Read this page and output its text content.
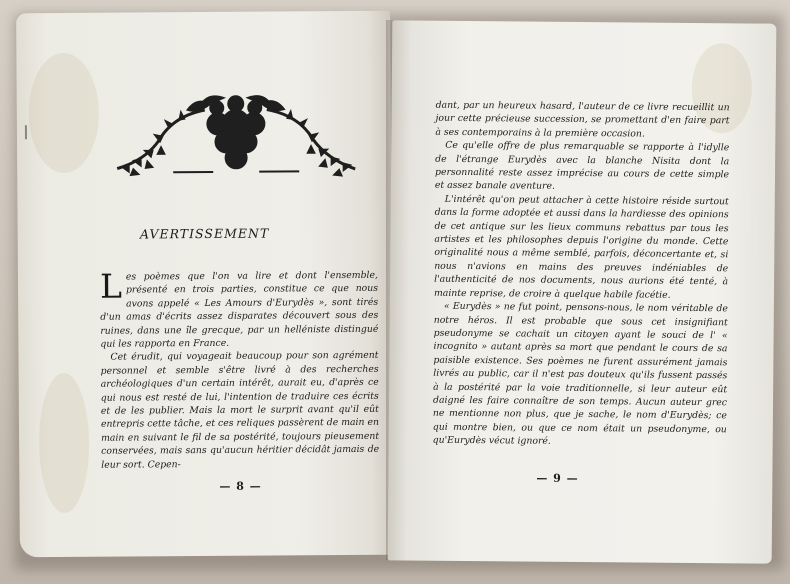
AVERTISSEMENT

Les poèmes que l'on va lire et dont l'ensemble, présenté en trois parties, constitue ce que nous avons appelé « Les Amours d'Eurydès », sont tirés d'un amas d'écrits assez disparates découvert sous des ruines, dans une île grecque, par un helléniste distingué qui les rapporta en France.

Cet érudit, qui voyageait beaucoup pour son agrément personnel et semble s'être livré à des recherches archéologiques d'un certain intérêt, aurait eu, d'après ce qui nous est resté de lui, l'intention de traduire ces écrits et de les publier. Mais la mort le surprit avant qu'il eût entrepris cette tâche, et ces reliques passèrent de main en main en suivant le fil de sa postérité, toujours pieusement conservées, mais sans qu'aucun héritier décidât jamais de leur sort. Cepen-

— 8 —

dant, par un heureux hasard, l'auteur de ce livre recueillit un jour cette précieuse succession, se promettant d'en faire part à ses contemporains à la première occasion.

Ce qu'elle offre de plus remarquable se rapporte à l'idylle de l'étrange Eurydès avec la blanche Nisita dont la personnalité reste assez imprécise au cours de cette simple et assez banale aventure.

L'intérêt qu'on peut attacher à cette histoire réside surtout dans la forme adoptée et aussi dans la hardiesse des opinions de cet antique sur les lieux communs rebattus par tous les artistes et les philosophes depuis l'origine du monde. Cette originalité nous a même semblé, parfois, déconcertante et, si nous n'avions en mains des preuves indéniables de l'authenticité de nos documents, nous aurions été tenté, à mainte reprise, de croire à quelque habile facétie.

« Eurydès » ne fut point, pensons-nous, le nom véritable de notre héros. Il est probable que sous cet insignifiant pseudonyme se cachait un citoyen ayant le souci de l' « incognito » autant après sa mort que pendant le cours de sa paisible existence. Ses poèmes ne furent assurément jamais livrés au public, car il n'est pas douteux qu'ils fussent passés à la postérité par la voie traditionnelle, si leur auteur eût daigné les faire connaître de son temps. Aucun auteur grec ne mentionne non plus, que je sache, le nom d'Eurydès; ce qui montre bien, ou que ce nom était un pseudonyme, ou qu'Eurydès vécut ignoré.

— 9 —
